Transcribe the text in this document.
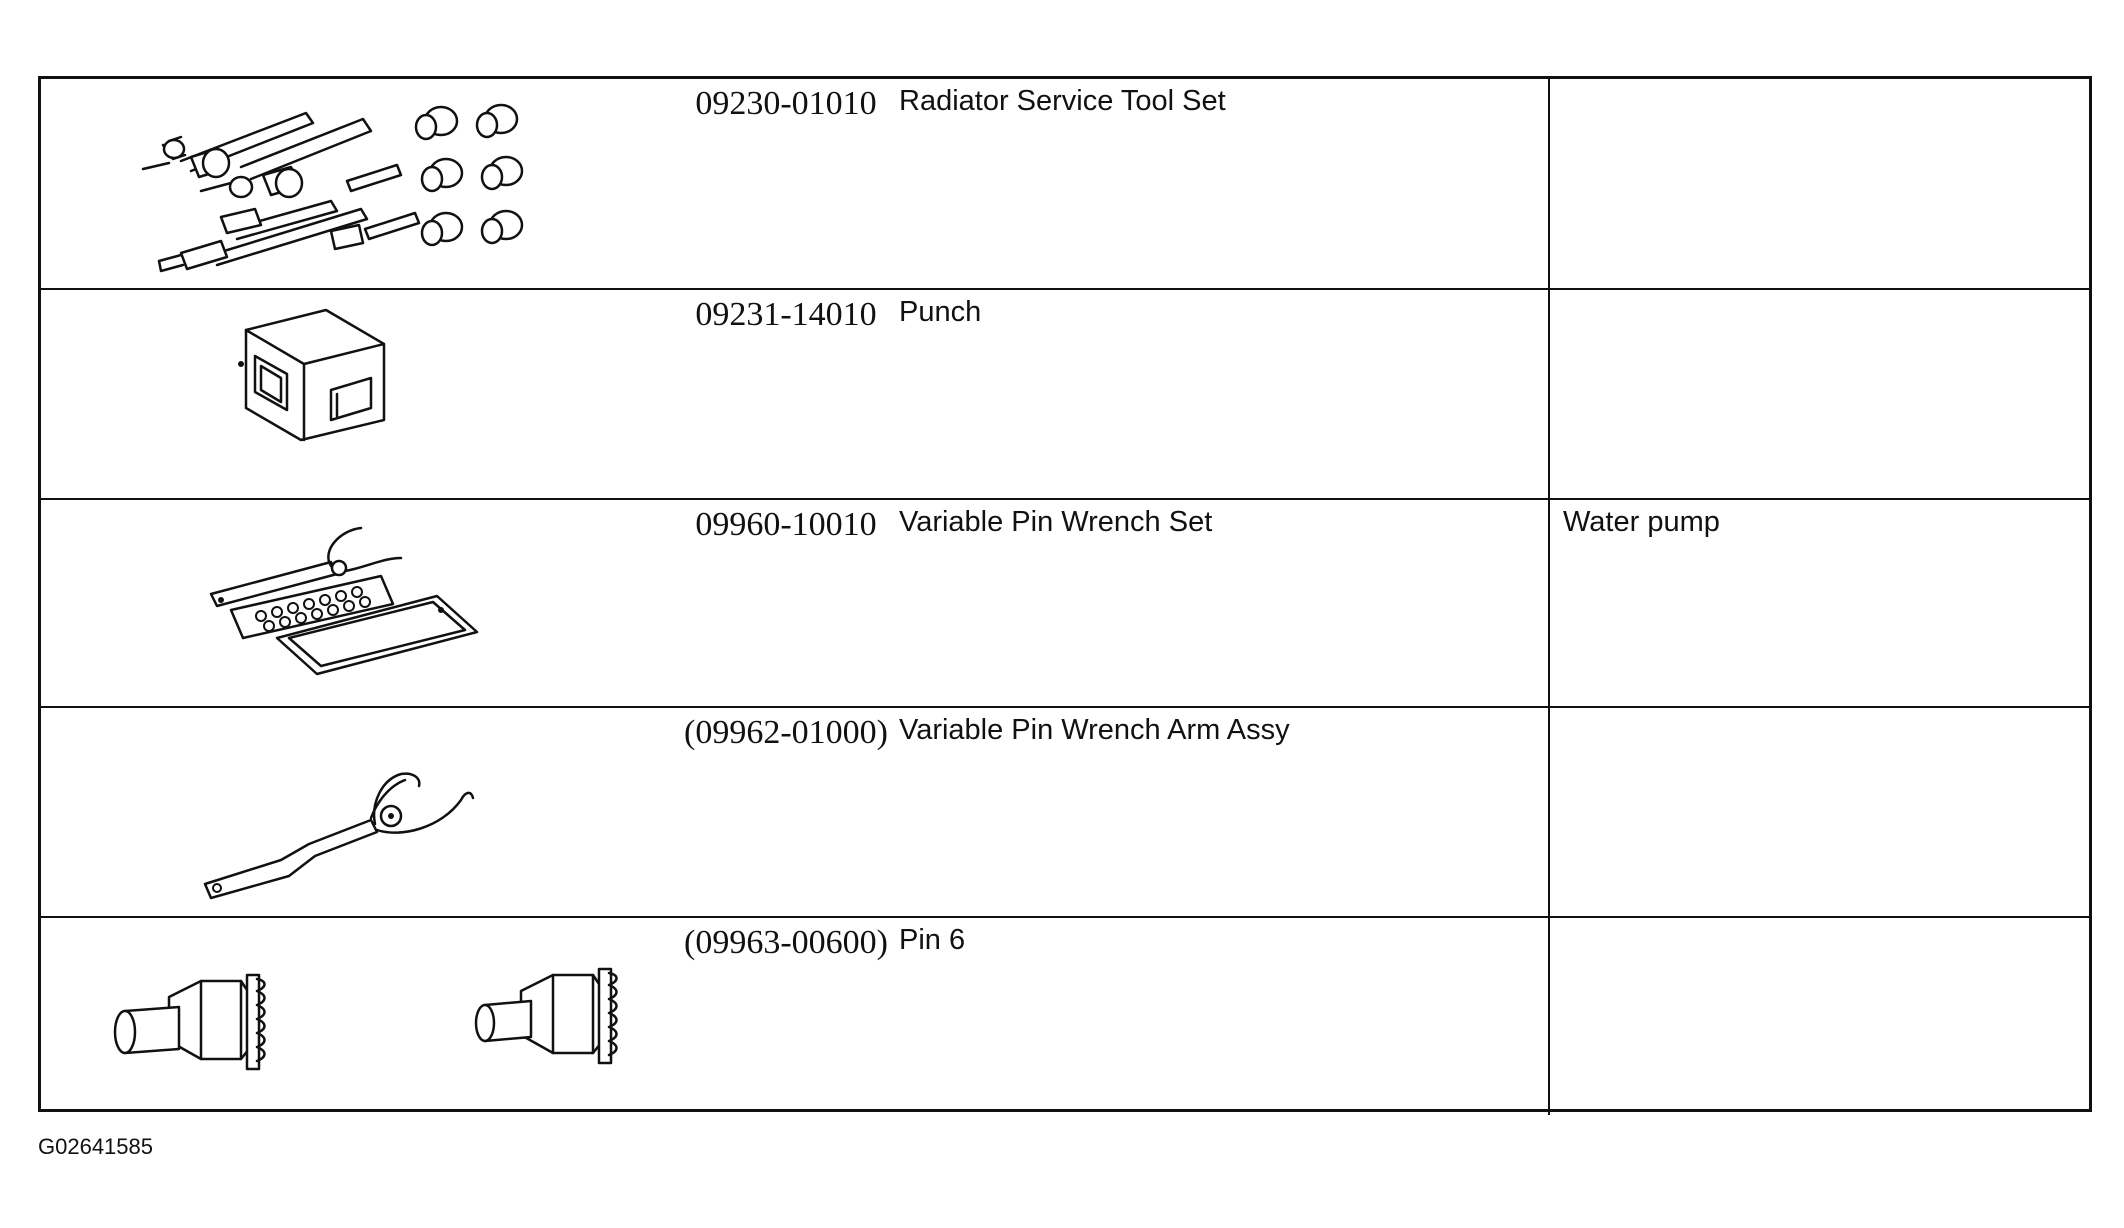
09230-01010 Radiator Service Tool Set
09231-14010 Punch
09960-10010 Variable Pin Wrench Set	Water pump
(09962-01000) Variable Pin Wrench Arm Assy
(09963-00600) Pin 6
G02641585
